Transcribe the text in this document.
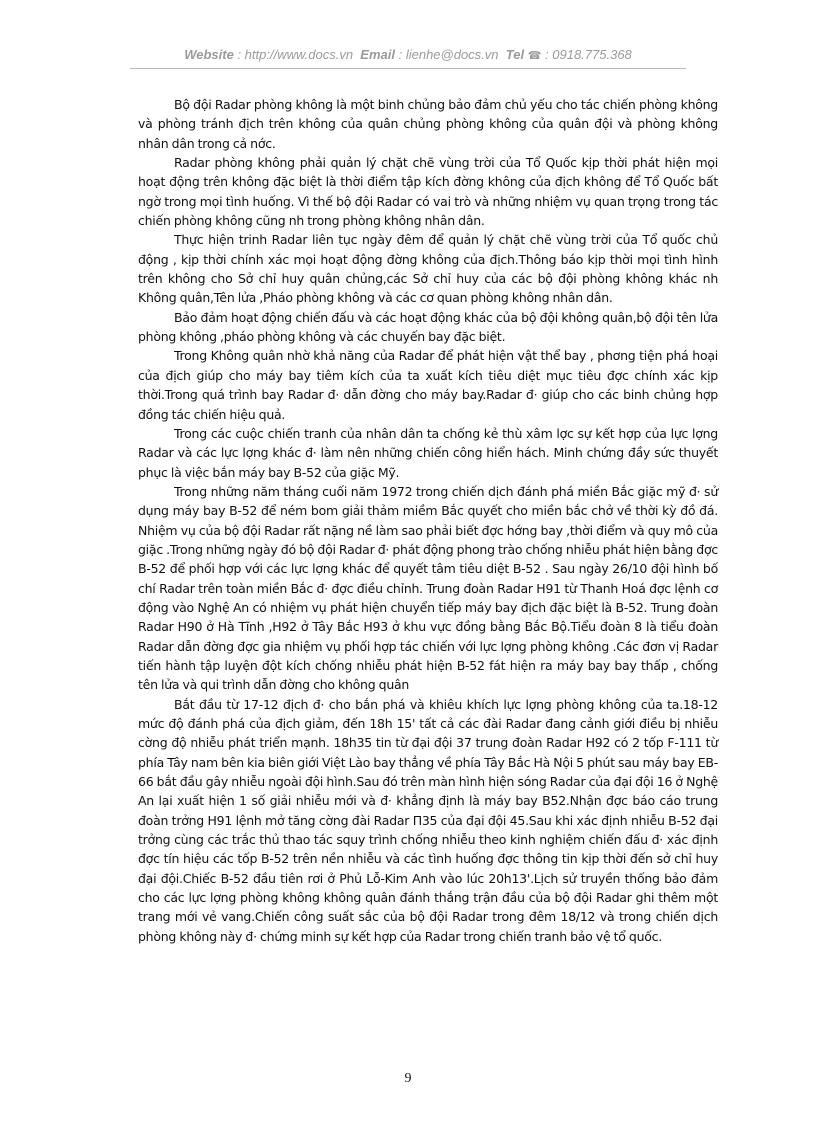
Website : http://www.docs.vn Email : lienhe@docs.vn Tel ☎ : 0918.775.368

Bộ đội Radar phòng không là một binh chủng bảo đảm chủ yếu cho tác chiến phòng không và phòng tránh địch trên không của quân chủng phòng không của quân đội và phòng không nhân dân trong cả nớc.

Radar phòng không phải quản lý chặt chẽ vùng trời của Tổ Quốc kịp thời phát hiện mọi hoạt động trên không đặc biệt là thời điểm tập kích đờng không của địch không để Tổ Quốc bất ngờ trong mọi tình huống. Vì thế bộ đội Radar có vai trò và những nhiệm vụ quan trọng trong tác chiến phòng không cũng nh trong phòng không nhân dân.

Thực hiện trinh Radar liên tục ngày đêm để quản lý chặt chẽ vùng trời của Tổ quốc chủ động , kịp thời chính xác mọi hoạt động đờng không của địch.Thông báo kịp thời mọi tình hình trên không cho Sở chỉ huy quân chủng,các Sở chỉ huy của các bộ đội phòng không khác nh Không quân,Tên lửa ,Pháo phòng không và các cơ quan phòng không nhân dân.

Bảo đảm hoạt động chiến đấu và các hoạt động khác của bộ đội không quân,bộ đội tên lửa phòng không ,pháo phòng không và các chuyến bay đặc biệt.

Trong Không quân nhờ khả năng của Radar để phát hiện vật thể bay , phơng tiện phá hoại của địch giúp cho máy bay tiêm kích của ta xuất kích tiêu diệt mục tiêu đợc chính xác kịp thời.Trong quá trình bay Radar đ· dẫn đờng cho máy bay.Radar đ· giúp cho các binh chủng hợp đồng tác chiến hiệu quả.

Trong các cuộc chiến tranh của nhân dân ta chống kẻ thù xâm lợc sự kết hợp của lực lợng Radar và các lực lợng khác đ· làm nên những chiến công hiển hách. Minh chứng đầy sức thuyết phục là việc bắn máy bay B-52 của giặc Mỹ.

Trong những năm tháng cuối năm 1972 trong chiến dịch đánh phá miền Bắc giặc mỹ đ· sử dụng máy bay B-52 để ném bom giải thảm miềm Bắc quyết cho miền bắc chở về thời kỳ đồ đá. Nhiệm vụ của bộ đội Radar rất nặng nề làm sao phải biết đợc hớng bay ,thời điểm và quy mô của giặc .Trong những ngày đó bộ đội Radar đ· phát động phong trào chống nhiễu phát hiện bằng đợc B-52 để phối hợp với các lực lợng khác để quyết tâm tiêu diệt B-52 . Sau ngày 26/10 đội hình bố chí Radar trên toàn miền Bắc đ· đợc điều chỉnh. Trung đoàn Radar H91 từ Thanh Hoá đợc lệnh cơ động vào Nghệ An có nhiệm vụ phát hiện chuyển tiếp máy bay địch đặc biệt là B-52. Trung đoàn Radar H90 ở Hà Tĩnh ,H92 ở Tây Bắc H93 ở khu vực đồng bằng Bắc Bộ.Tiểu đoàn 8 là tiểu đoàn Radar dẫn đờng đợc gia nhiệm vụ phối hợp tác chiến với lực lợng phòng không .Các đơn vị Radar tiến hành tập luyện đột kích chống nhiễu phát hiện B-52 fát hiện ra máy bay bay thấp , chống tên lửa và qui trình dẫn đờng cho không quân

Bắt đầu từ 17-12 địch đ· cho bắn phá và khiêu khích lực lợng phòng không của ta.18-12 mức độ đánh phá của địch giảm, đến 18h 15' tất cả các đài Radar đang cảnh giới điều bị nhiễu cờng độ nhiễu phát triển mạnh. 18h35 tin từ đại đội 37 trung đoàn Radar H92 có 2 tốp F-111 từ phía Tây nam bên kia biên giới Việt Lào bay thẳng về phía Tây Bắc Hà Nội 5 phút sau máy bay EB-66 bắt đầu gây nhiễu ngoài đội hình.Sau đó trên màn hình hiện sóng Radar của đại đội 16 ở Nghệ An lại xuất hiện 1 số giải nhiễu mới và đ· khẳng định là máy bay B52.Nhận đợc báo cáo trung đoàn trởng H91 lệnh mở tăng cờng đài Radar Π35 của đại đội 45.Sau khi xác định nhiễu B-52 đại trởng cùng các trắc thủ thao tác squy trình chống nhiễu theo kinh nghiệm chiến đấu đ· xác định đợc tín hiệu các tốp B-52 trên nền nhiễu và các tình huống đợc thông tin kịp thời đến sở chỉ huy đại đội.Chiếc B-52 đầu tiên rơi ở Phủ Lỗ-Kim Anh vào lúc 20h13'.Lịch sử truyền thống bảo đảm cho các lực lợng phòng không không quân đánh thắng trận đầu của bộ đội Radar ghi thêm một trang mới vẻ vang.Chiến công suất sắc của bộ đội Radar trong đêm 18/12 và trong chiến dịch phòng không này đ· chứng minh sự kết hợp của Radar trong chiến tranh bảo vệ tổ quốc.

9
